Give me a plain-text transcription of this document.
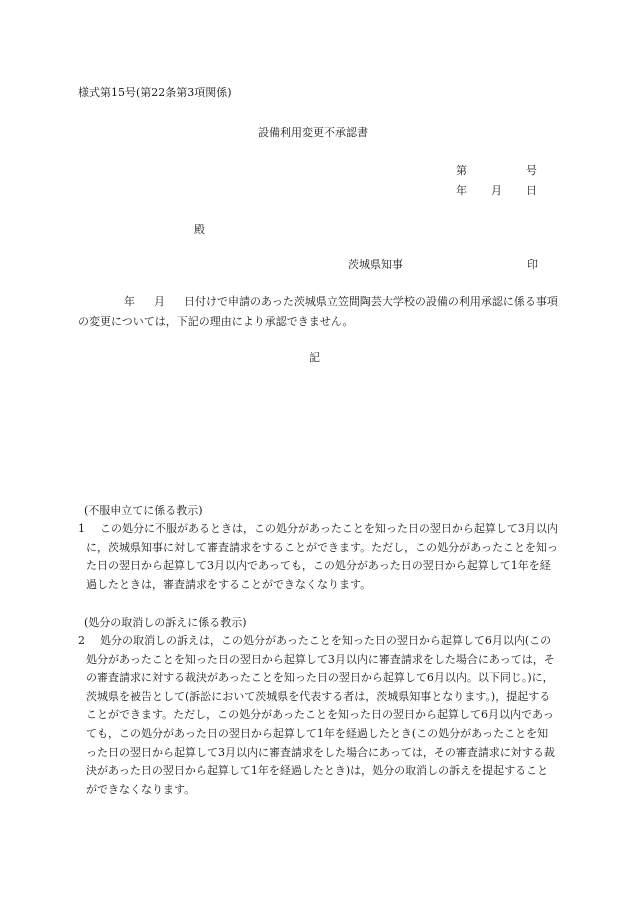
様式第15号(第22条第3項関係)
設備利用変更不承認書
第	号
年 月 日
殿
茨城県知事	印
年 月 日付けで申請のあった茨城県立笠間陶芸大学校の設備の利用承認に係る事項の変更については，下記の理由により承認できません。
記
(不服申立てに係る教示)
1	この処分に不服があるときは，この処分があったことを知った日の翌日から起算して3月以内に，茨城県知事に対して審査請求をすることができます。ただし，この処分があったことを知った日の翌日から起算して3月以内であっても，この処分があった日の翌日から起算して1年を経過したときは，審査請求をすることができなくなります。
(処分の取消しの訴えに係る教示)
2	処分の取消しの訴えは，この処分があったことを知った日の翌日から起算して6月以内(この処分があったことを知った日の翌日から起算して3月以内に審査請求をした場合にあっては，その審査請求に対する裁決があったことを知った日の翌日から起算して6月以内。以下同じ。)に，茨城県を被告として(訴訟において茨城県を代表する者は，茨城県知事となります。)，提起することができます。ただし，この処分があったことを知った日の翌日から起算して6月以内であっても，この処分があった日の翌日から起算して1年を経過したとき(この処分があったことを知った日の翌日から起算して3月以内に審査請求をした場合にあっては，その審査請求に対する裁決があった日の翌日から起算して1年を経過したとき)は，処分の取消しの訴えを提起することができなくなります。
